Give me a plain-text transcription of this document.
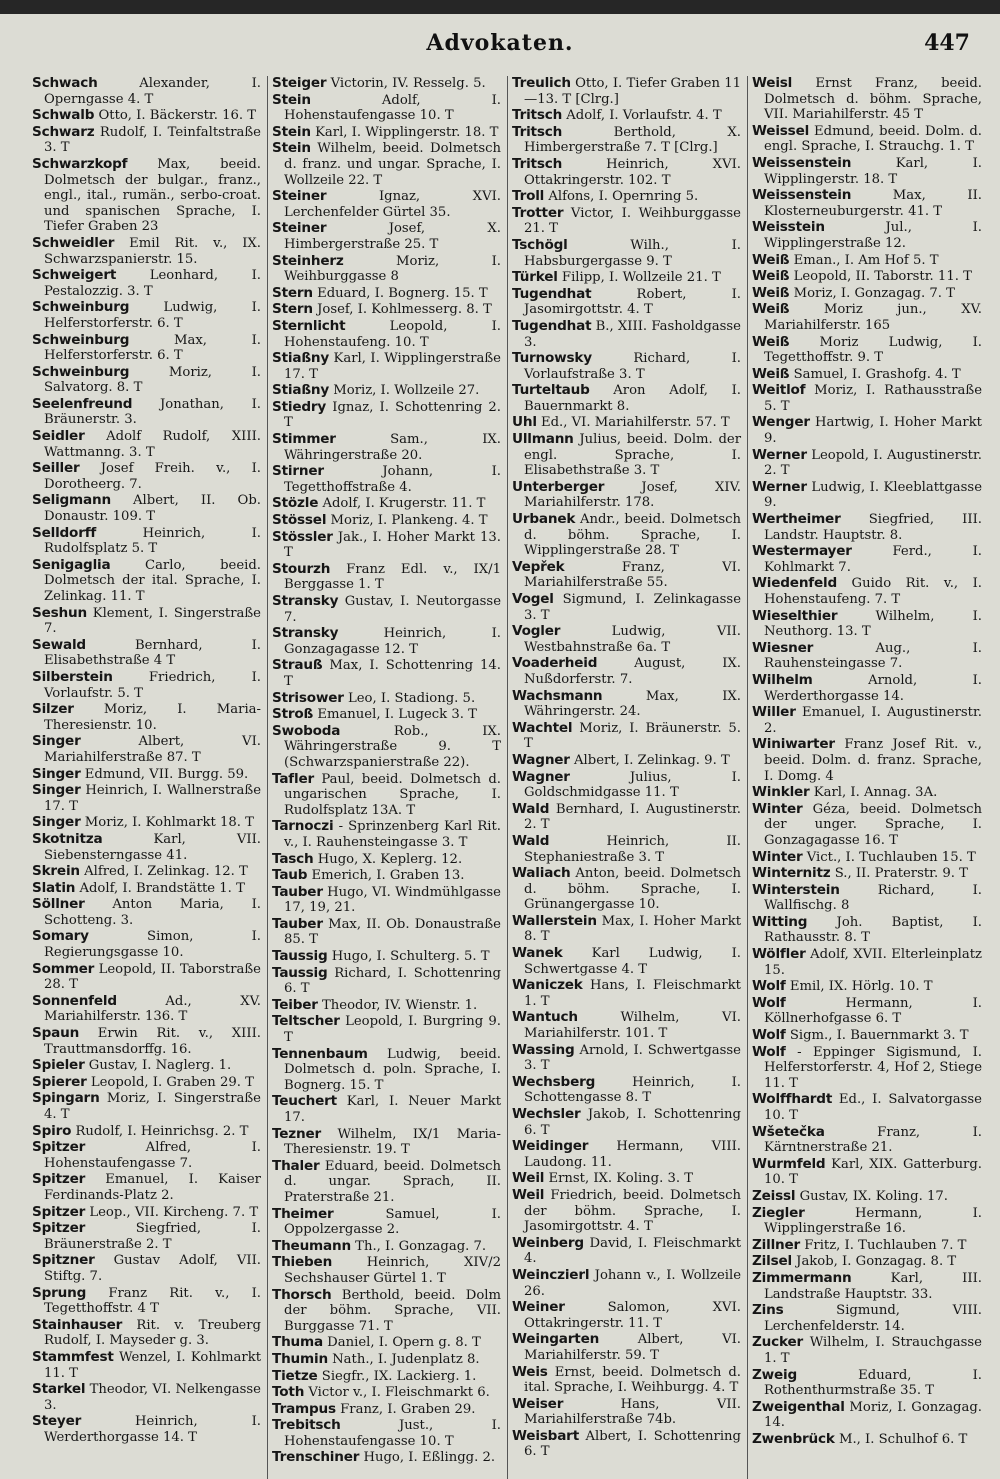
Advokaten.	447
Schwach	Alexander, I. Operngasse 4. T
Schwalb Otto, I. Bäckerstr. 16. T
Schwarz Rudolf, I. Teinfaltstraße 3. T
Schwarzkopf Max, beeid. Dolmetsch der bulgar., franz., engl., ital., rumän., serbo-croat. und spanischen Sprache, I. Tiefer Graben 23
Schweidler Emil Rit. v., IX. Schwarzspanierstr. 15.
Schweigert	Leonhard, I. Pestalozzig. 3. T
Schweinburg	Ludwig, I. Helferstorferstr. 6. T
Schweinburg	Max, I. Helferstorferstr. 6. T
Schweinburg	Moriz, I. Salvatorg. 8. T
Seelenfreund Jonathan, I. Bräunerstr. 3.
Seidler Adolf Rudolf, XIII. Wattmanng. 3. T
Seiller Josef Freih. v., I. Dorotheerg. 7.
Seligmann Albert, II. Ob. Donaustr. 109. T
Selldorff	Heinrich, I. Rudolfsplatz 5. T
Senigaglia	Carlo, beeid. Dolmetsch der ital. Sprache, I. Zelinkag. 11. T
Seshun Klement, I. Singerstraße 7.
Sewald	Bernhard, I. Elisabethstraße 4 T
Silberstein	Friedrich, I. Vorlaufstr. 5. T
Silzer Moriz, I. Maria-Theresienstr. 10.
Singer	Albert, VI. Mariahilferstraße 87. T
Singer Edmund, VII. Burgg. 59.
Singer Heinrich, I. Wallnerstraße 17. T
Singer Moriz, I. Kohlmarkt 18. T
Skotnitza	Karl, VII. Siebensterngasse 41.
Skrein Alfred, I. Zelinkag. 12. T
Slatin Adolf, I. Brandstätte 1. T
Söllner Anton Maria, I. Schotteng. 3.
Somary	Simon, I. Regierungsgasse 10.
Sommer Leopold, II. Taborstraße 28. T
Sonnenfeld	Ad., XV. Mariahilferstr. 136. T
Spaun Erwin Rit. v., XIII. Trauttmansdorffg. 16.
Spieler Gustav, I. Naglerg. 1.
Spierer Leopold, I. Graben 29. T
Spingarn Moriz, I. Singerstraße 4. T
Spiro Rudolf, I. Heinrichsg. 2. T
Spitzer	Alfred, I. Hohenstaufengasse 7.
Spitzer Emanuel, I. Kaiser Ferdinands-Platz 2.
Spitzer Leop., VII. Kircheng. 7. T
Spitzer	Siegfried, I. Bräunerstraße 2. T
Spitzner Gustav Adolf, VII. Stiftg. 7.
Sprung Franz Rit. v., I. Tegetthoffstr. 4 T
Stainhauser Rit. v. Treuberg Rudolf, I. Mayseder g. 3.
Stammfest Wenzel, I. Kohlmarkt 11. T
Starkel Theodor, VI. Nelkengasse 3.
Steyer	Heinrich, I. Werderthorgasse 14. T
Steiger Victorin, IV. Resselg. 5.
Stein	Adolf, I. Hohenstaufengasse 10. T
Stein Karl, I. Wipplingerstr. 18. T
Stein Wilhelm, beeid. Dolmetsch d. franz. und ungar. Sprache, I. Wollzeile 22. T
Steiner	Ignaz, XVI. Lerchenfelder Gürtel 35.
Steiner	Josef, X. Himbergerstraße 25. T
Steinherz	Moriz, I. Weihburggasse 8
Stern Eduard, I. Bognerg. 15. T
Stern Josef, I. Kohlmesserg. 8. T
Sternlicht	Leopold, I. Hohenstaufeng. 10. T
Stiaßny Karl, I. Wipplingerstraße 17. T
Stiaßny Moriz, I. Wollzeile 27.
Stiedry Ignaz, I. Schottenring 2. T
Stimmer	Sam., IX. Währingerstraße 20.
Stirner	Johann, I. Tegetthoffstraße 4.
Stözle Adolf, I. Krugerstr. 11. T
Stössel Moriz, I. Plankeng. 4. T
Stössler Jak., I. Hoher Markt 13. T
Stourzh Franz Edl. v., IX/1 Berggasse 1. T
Stransky Gustav, I. Neutorgasse 7.
Stransky	Heinrich, I. Gonzagagasse 12. T
Strauß Max, I. Schottenring 14. T
Strisower Leo, I. Stadiong. 5.
Stroß Emanuel, I. Lugeck 3. T
Swoboda	Rob., IX. Währingerstraße 9. T (Schwarzspanierstraße 22).
Tafler Paul, beeid. Dolmetsch d. ungarischen Sprache, I. Rudolfsplatz 13A. T
Tarnoczi - Sprinzenberg Karl Rit. v., I. Rauhensteingasse 3. T
Tasch Hugo, X. Keplerg. 12.
Taub Emerich, I. Graben 13.
Tauber Hugo, VI. Windmühlgasse 17, 19, 21.
Tauber Max, II. Ob. Donaustraße 85. T
Taussig Hugo, I. Schulterg. 5. T
Taussig Richard, I. Schottenring 6. T
Teiber Theodor, IV. Wienstr. 1.
Teltscher Leopold, I. Burgring 9. T
Tennenbaum Ludwig, beeid. Dolmetsch d. poln. Sprache, I. Bognerg. 15. T
Teuchert Karl, I. Neuer Markt 17.
Tezner Wilhelm, IX/1 Maria-Theresienstr. 19. T
Thaler Eduard, beeid. Dolmetsch d. ungar. Sprach, II. Praterstraße 21.
Theimer	Samuel, I. Oppolzergasse 2.
Theumann Th., I. Gonzagag. 7.
Thieben	Heinrich, XIV/2 Sechshauser Gürtel 1. T
Thorsch Berthold, beeid. Dolm der böhm. Sprache, VII. Burggasse 71. T
Thuma Daniel, I. Opern g. 8. T
Thumin Nath., I. Judenplatz 8.
Tietze Siegfr., IX. Lackierg. 1.
Toth Victor v., I. Fleischmarkt 6.
Trampus Franz, I. Graben 29.
Trebitsch	Just., I. Hohenstaufengasse 10. T
Trenschiner Hugo, I. Eßlingg. 2.
Treulich Otto, I. Tiefer Graben 11—13. T [Clrg.]
Tritsch Adolf, I. Vorlaufstr. 4. T
Tritsch	Berthold, X. Himbergerstraße 7. T [Clrg.]
Tritsch	Heinrich, XVI. Ottakringerstr. 102. T
Troll Alfons, I. Opernring 5.
Trotter Victor, I. Weihburggasse 21. T
Tschögl	Wilh., I. Habsburgergasse 9. T
Türkel Filipp, I. Wollzeile 21. T
Tugendhat	Robert, I. Jasomirgottstr. 4. T
Tugendhat B., XIII. Fasholdgasse 3.
Turnowsky	Richard, I. Vorlaufstraße 3. T
Turteltaub Aron Adolf, I. Bauernmarkt 8.
Uhl Ed., VI. Mariahilferstr. 57. T
Ullmann Julius, beeid. Dolm. der engl. Sprache, I. Elisabethstraße 3. T
Unterberger	Josef, XIV. Mariahilferstr. 178.
Urbanek Andr., beeid. Dolmetsch d. böhm. Sprache, I. Wipplingerstraße 28. T
Vepřek	Franz, VI. Mariahilferstraße 55.
Vogel Sigmund, I. Zelinkagasse 3. T
Vogler	Ludwig, VII. Westbahnstraße 6a. T
Voaderheid	August, IX. Nußdorferstr. 7.
Wachsmann	Max, IX. Währingerstr. 24.
Wachtel Moriz, I. Bräunerstr. 5. T
Wagner Albert, I. Zelinkag. 9. T
Wagner	Julius, I. Goldschmidgasse 11. T
Wald Bernhard, I. Augustinerstr. 2. T
Wald	Heinrich, II. Stephaniestraße 3. T
Waliach Anton, beeid. Dolmetsch d. böhm. Sprache, I. Grünangergasse 10.
Wallerstein Max, I. Hoher Markt 8. T
Wanek Karl Ludwig, I. Schwertgasse 4. T
Waniczek Hans, I. Fleischmarkt 1. T
Wantuch	Wilhelm, VI. Mariahilferstr. 101. T
Wassing Arnold, I. Schwertgasse 3. T
Wechsberg	Heinrich, I. Schottengasse 8. T
Wechsler Jakob, I. Schottenring 6. T
Weidinger Hermann, VIII. Laudong. 11.
Weil Ernst, IX. Koling. 3. T
Weil Friedrich, beeid. Dolmetsch der böhm. Sprache, I. Jasomirgottstr. 4. T
Weinberg David, I. Fleischmarkt 4.
Weinczierl Johann v., I. Wollzeile 26.
Weiner	Salomon, XVI. Ottakringerstr. 11. T
Weingarten	Albert, VI. Mariahilferstr. 59. T
Weis Ernst, beeid. Dolmetsch d. ital. Sprache, I. Weihburgg. 4. T
Weiser	Hans, VII. Mariahilferstraße 74b.
Weisbart Albert, I. Schottenring 6. T
Weisl Ernst Franz, beeid. Dolmetsch d. böhm. Sprache, VII. Mariahilferstr. 45 T
Weissel Edmund, beeid. Dolm. d. engl. Sprache, I. Strauchg. 1. T
Weissenstein	Karl, I. Wipplingerstr. 18. T
Weissenstein	Max, II. Klosterneuburgerstr. 41. T
Weisstein	Jul., I. Wipplingerstraße 12.
Weiß Eman., I. Am Hof 5. T
Weiß Leopold, II. Taborstr. 11. T
Weiß Moriz, I. Gonzagag. 7. T
Weiß	Moriz jun., XV. Mariahilferstr. 165
Weiß Moriz Ludwig, I. Tegetthoffstr. 9. T
Weiß Samuel, I. Grashofg. 4. T
Weitlof Moriz, I. Rathausstraße 5. T
Wenger Hartwig, I. Hoher Markt 9.
Werner Leopold, I. Augustinerstr. 2. T
Werner Ludwig, I. Kleeblattgasse 9.
Wertheimer Siegfried, III. Landstr. Hauptstr. 8.
Westermayer	Ferd., I. Kohlmarkt 7.
Wiedenfeld Guido Rit. v., I. Hohenstaufeng. 7. T
Wieselthier	Wilhelm, I. Neuthorg. 13. T
Wiesner	Aug., I. Rauhensteingasse 7.
Wilhelm	Arnold, I. Werderthorgasse 14.
Willer Emanuel, I. Augustinerstr. 2.
Winiwarter Franz Josef Rit. v., beeid. Dolm. d. franz. Sprache, I. Domg. 4
Winkler Karl, I. Annag. 3A.
Winter Géza, beeid. Dolmetsch der unger. Sprache, I. Gonzagagasse 16. T
Winter Vict., I. Tuchlauben 15. T
Winternitz S., II. Praterstr. 9. T
Winterstein	Richard, I. Wallfischg. 8
Witting Joh. Baptist, I. Rathausstr. 8. T
Wölfler Adolf, XVII. Elterleinplatz 15.
Wolf Emil, IX. Hörlg. 10. T
Wolf	Hermann, I. Köllnerhofgasse 6. T
Wolf Sigm., I. Bauernmarkt 3. T
Wolf - Eppinger Sigismund, I. Helferstorferstr. 4, Hof 2, Stiege 11. T
Wolffhardt Ed., I. Salvatorgasse 10. T
Wšetečka	Franz, I. Kärntnerstraße 21.
Wurmfeld Karl, XIX. Gatterburg. 10. T
Zeissl Gustav, IX. Koling. 17.
Ziegler	Hermann, I. Wipplingerstraße 16.
Zillner Fritz, I. Tuchlauben 7. T
Zilsel Jakob, I. Gonzagag. 8. T
Zimmermann	Karl, III. Landstraße Hauptstr. 33.
Zins	Sigmund, VIII. Lerchenfelderstr. 14.
Zucker Wilhelm, I. Strauchgasse 1. T
Zweig	Eduard, I. Rothenthurmstraße 35. T
Zweigenthal Moriz, I. Gonzagag. 14.
Zwenbrück M., I. Schulhof 6. T
